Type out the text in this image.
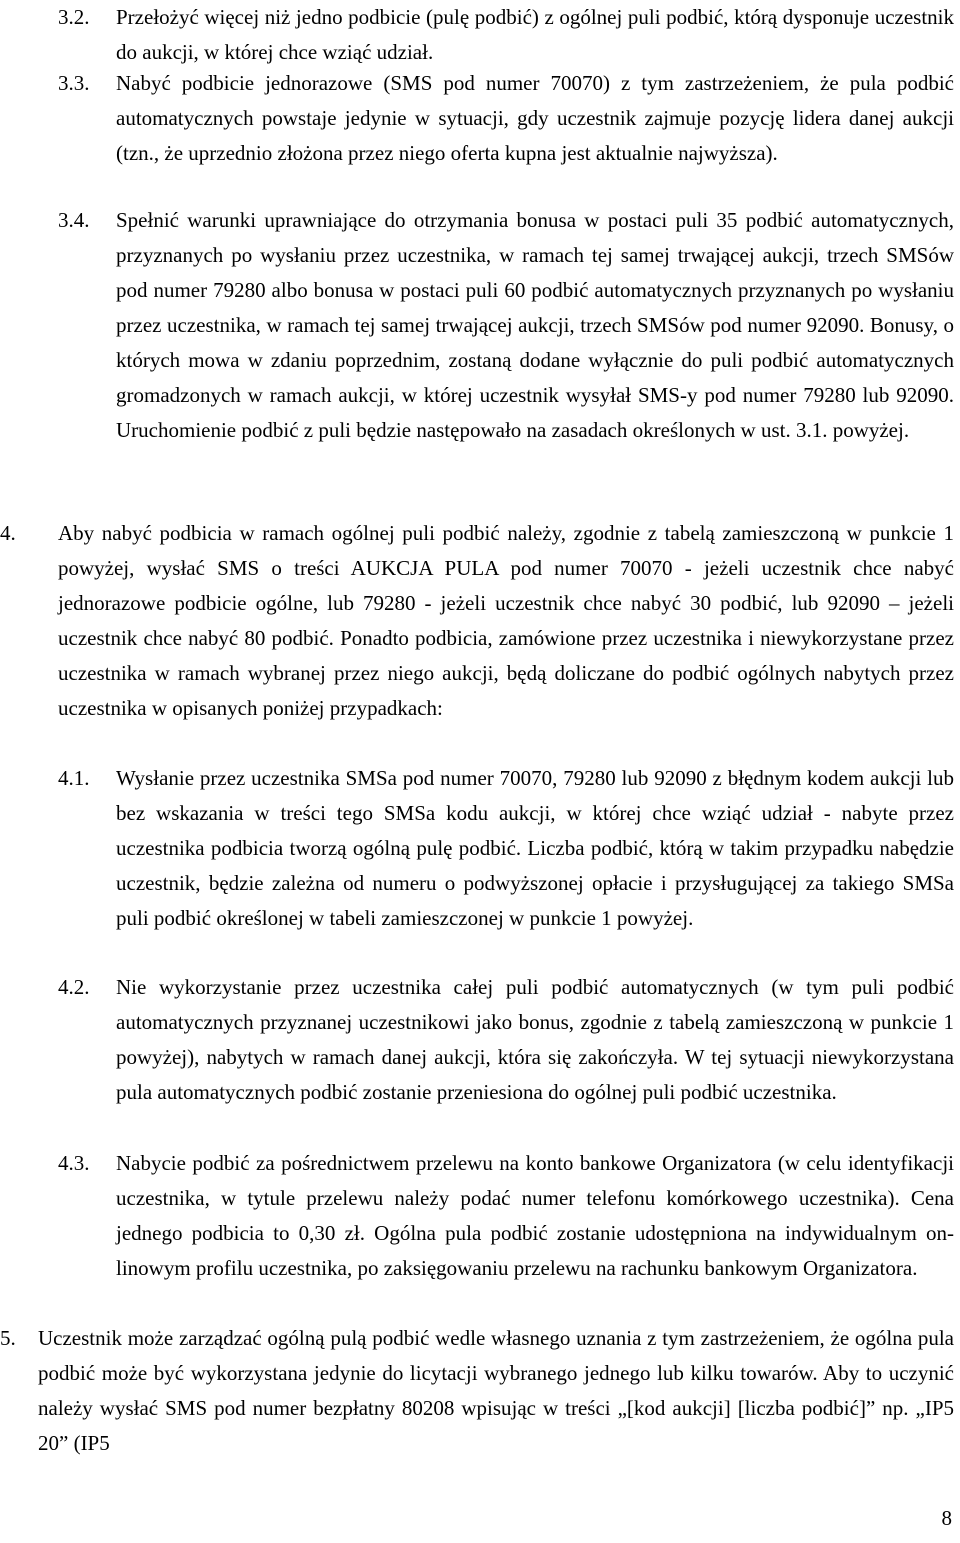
3.2. Przełożyć więcej niż jedno podbicie (pulę podbić) z ogólnej puli podbić, którą dysponuje uczestnik do aukcji, w której chce wziąć udział.

3.3. Nabyć podbicie jednorazowe (SMS pod numer 70070) z tym zastrzeżeniem, że pula podbić automatycznych powstaje jedynie w sytuacji, gdy uczestnik zajmuje pozycję lidera danej aukcji (tzn., że uprzednio złożona przez niego oferta kupna jest aktualnie najwyższa).

3.4. Spełnić warunki uprawniające do otrzymania bonusa w postaci puli 35 podbić automatycznych, przyznanych po wysłaniu przez uczestnika, w ramach tej samej trwającej aukcji, trzech SMSów pod numer 79280 albo bonusa w postaci puli 60 podbić automatycznych przyznanych po wysłaniu przez uczestnika, w ramach tej samej trwającej aukcji, trzech SMSów pod numer 92090. Bonusy, o których mowa w zdaniu poprzednim, zostaną dodane wyłącznie do puli podbić automatycznych gromadzonych w ramach aukcji, w której uczestnik wysyłał SMS-y pod numer 79280 lub 92090. Uruchomienie podbić z puli będzie następowało na zasadach określonych w ust. 3.1. powyżej.

4. Aby nabyć podbicia w ramach ogólnej puli podbić należy, zgodnie z tabelą zamieszczoną w punkcie 1 powyżej, wysłać SMS o treści AUKCJA PULA pod numer 70070 - jeżeli uczestnik chce nabyć jednorazowe podbicie ogólne, lub 79280 - jeżeli uczestnik chce nabyć 30 podbić, lub 92090 – jeżeli uczestnik chce nabyć 80 podbić. Ponadto podbicia, zamówione przez uczestnika i niewykorzystane przez uczestnika w ramach wybranej przez niego aukcji, będą doliczane do podbić ogólnych nabytych przez uczestnika w opisanych poniżej przypadkach:

4.1. Wysłanie przez uczestnika SMSa pod numer 70070, 79280 lub 92090 z błędnym kodem aukcji lub bez wskazania w treści tego SMSa kodu aukcji, w której chce wziąć udział - nabyte przez uczestnika podbicia tworzą ogólną pulę podbić. Liczba podbić, którą w takim przypadku nabędzie uczestnik, będzie zależna od numeru o podwyższonej opłacie i przysługującej za takiego SMSa puli podbić określonej w tabeli zamieszczonej w punkcie 1 powyżej.

4.2. Nie wykorzystanie przez uczestnika całej puli podbić automatycznych (w tym puli podbić automatycznych przyznanej uczestnikowi jako bonus, zgodnie z tabelą zamieszczoną w punkcie 1 powyżej), nabytych w ramach danej aukcji, która się zakończyła. W tej sytuacji niewykorzystana pula automatycznych podbić zostanie przeniesiona do ogólnej puli podbić uczestnika.

4.3. Nabycie podbić za pośrednictwem przelewu na konto bankowe Organizatora (w celu identyfikacji uczestnika, w tytule przelewu należy podać numer telefonu komórkowego uczestnika). Cena jednego podbicia to 0,30 zł. Ogólna pula podbić zostanie udostępniona na indywidualnym on-linowym profilu uczestnika, po zaksięgowaniu przelewu na rachunku bankowym Organizatora.

5. Uczestnik może zarządzać ogólną pulą podbić wedle własnego uznania z tym zastrzeżeniem, że ogólna pula podbić może być wykorzystana jedynie do licytacji wybranego jednego lub kilku towarów. Aby to uczynić należy wysłać SMS pod numer bezpłatny 80208 wpisując w treści „[kod aukcji] [liczba podbić]” np. „IP5 20” (IP5

8
